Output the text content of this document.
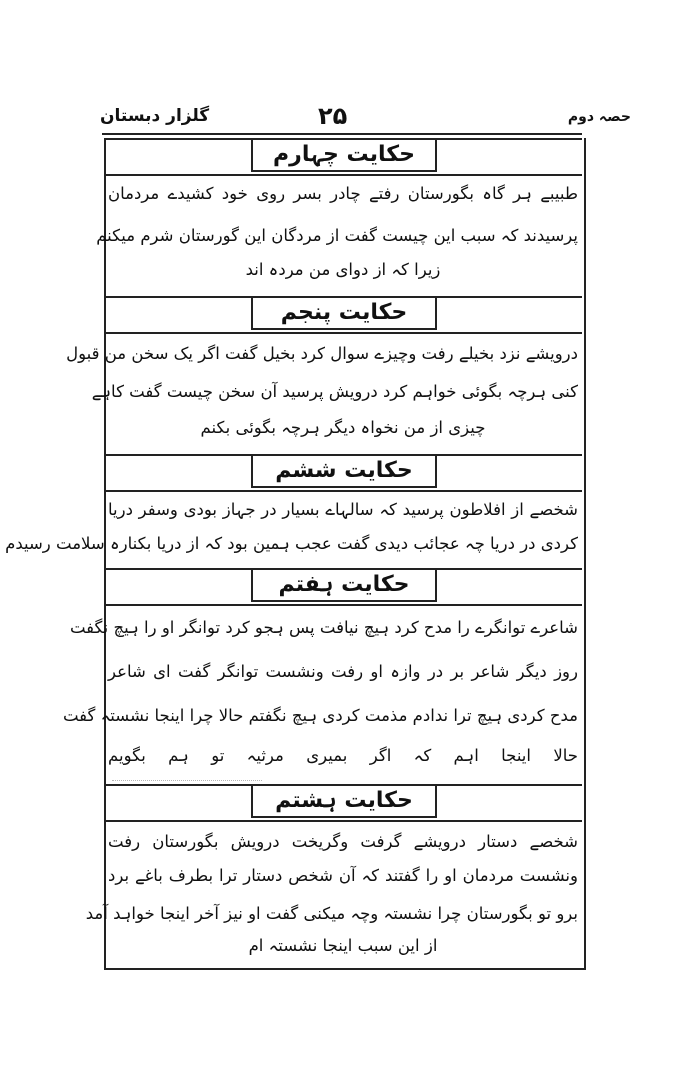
حصہ دوم
۲۵
گلزار دبستان
حکایت چہارم
طبیبے ہر گاہ بگورستان رفتے چادر بسر روی خود کشیدے مردمان
پرسیدند کہ سبب این چیست گفت از مردگان این گورستان شرم میکنم
زیرا کہ از دوای من مردہ اند
حکایت پنجم
درویشے نزد بخیلے رفت وچیزے سوال کرد بخیل گفت اگر یک سخن من قبول
کنی ہرچہ بگوئی خواہم کرد درویش پرسید آن سخن چیست گفت کاہے
چیزی از من نخواہ دیگر ہرچہ بگوئی بکنم
حکایت ششم
شخصے از افلاطون پرسید کہ سالہاے بسیار در جہاز بودی وسفر دریا
کردی در دریا چہ عجائب دیدی گفت عجب ہمین بود کہ از دریا بکنارہ سلامت رسیدم
حکایت ہفتم
شاعرے توانگرے را مدح کرد ہیچ نیافت پس ہجو کرد توانگر او را ہیچ نگفت
روز دیگر شاعر بر در وازہ او رفت ونشست توانگر گفت ای شاعر
مدح کردی ہیچ ترا ندادم مذمت کردی ہیچ نگفتم حالا چرا اینجا نشستہ گفت
حالا اینجا اہم کہ اگر بمیری مرثیہ تو ہم بگویم
حکایت ہشتم
شخصے دستار درویشے گرفت وگریخت درویش بگورستان رفت
ونشست مردمان او را گفتند کہ آن شخص دستار ترا بطرف باغے برد
برو تو بگورستان چرا نشستہ وچہ میکنی گفت او نیز آخر اینجا خواہد آمد
از این سبب اینجا نشستہ ام
